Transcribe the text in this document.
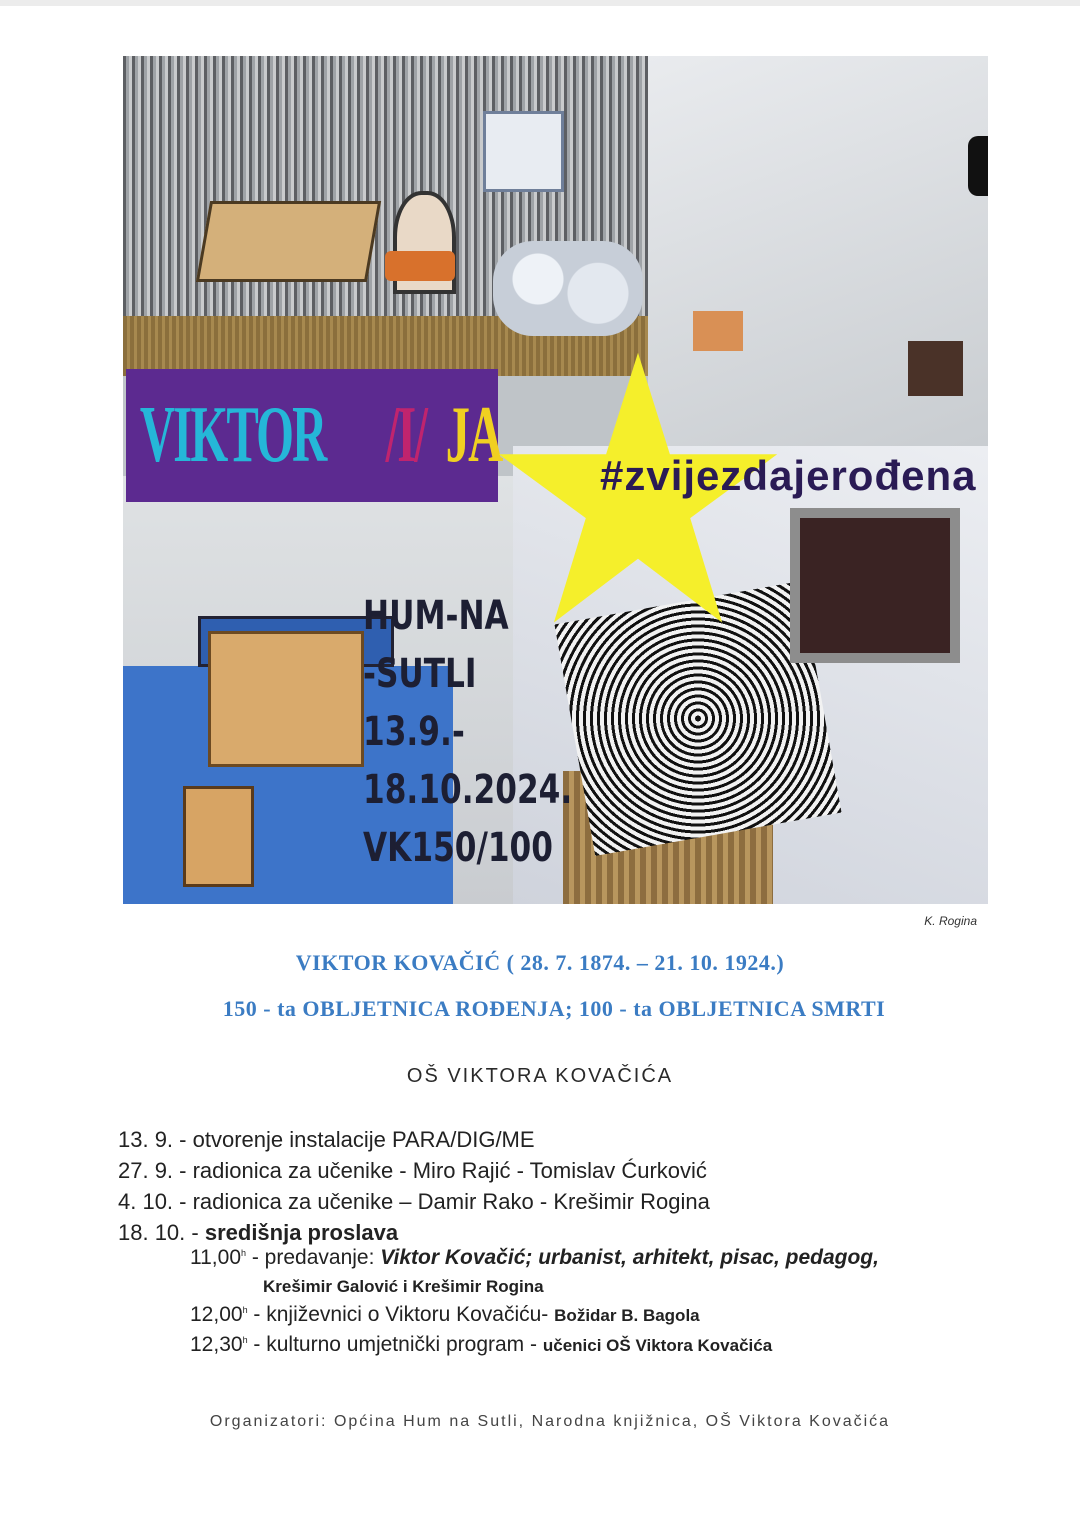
VIKTOR /I/ JA #zvijezdajerođena
HUM-NA
-SUTLI
13.9.-
18.10.2024.
VK150/100
K. Rogina
VIKTOR KOVAČIĆ ( 28. 7. 1874. – 21. 10. 1924.)
150 - ta OBLJETNICA ROĐENJA; 100 - ta OBLJETNICA SMRTI
OŠ VIKTORA KOVAČIĆA
13. 9. - otvorenje instalacije PARA/DIG/ME
27. 9. - radionica za učenike - Miro Rajić - Tomislav Ćurković
4. 10. - radionica za učenike – Damir Rako - Krešimir Rogina
18. 10. - središnja proslava
11,00$^h$ - predavanje: Viktor Kovačić; urbanist, arhitekt, pisac, pedagog,
Krešimir Galović i Krešimir Rogina
12,00$^h$ - književnici o Viktoru Kovačiću- Božidar B. Bagola
12,30$^h$ - kulturno umjetnički program - učenici OŠ Viktora Kovačića
Organizatori: Općina Hum na Sutli, Narodna knjižnica, OŠ Viktora Kovačića
